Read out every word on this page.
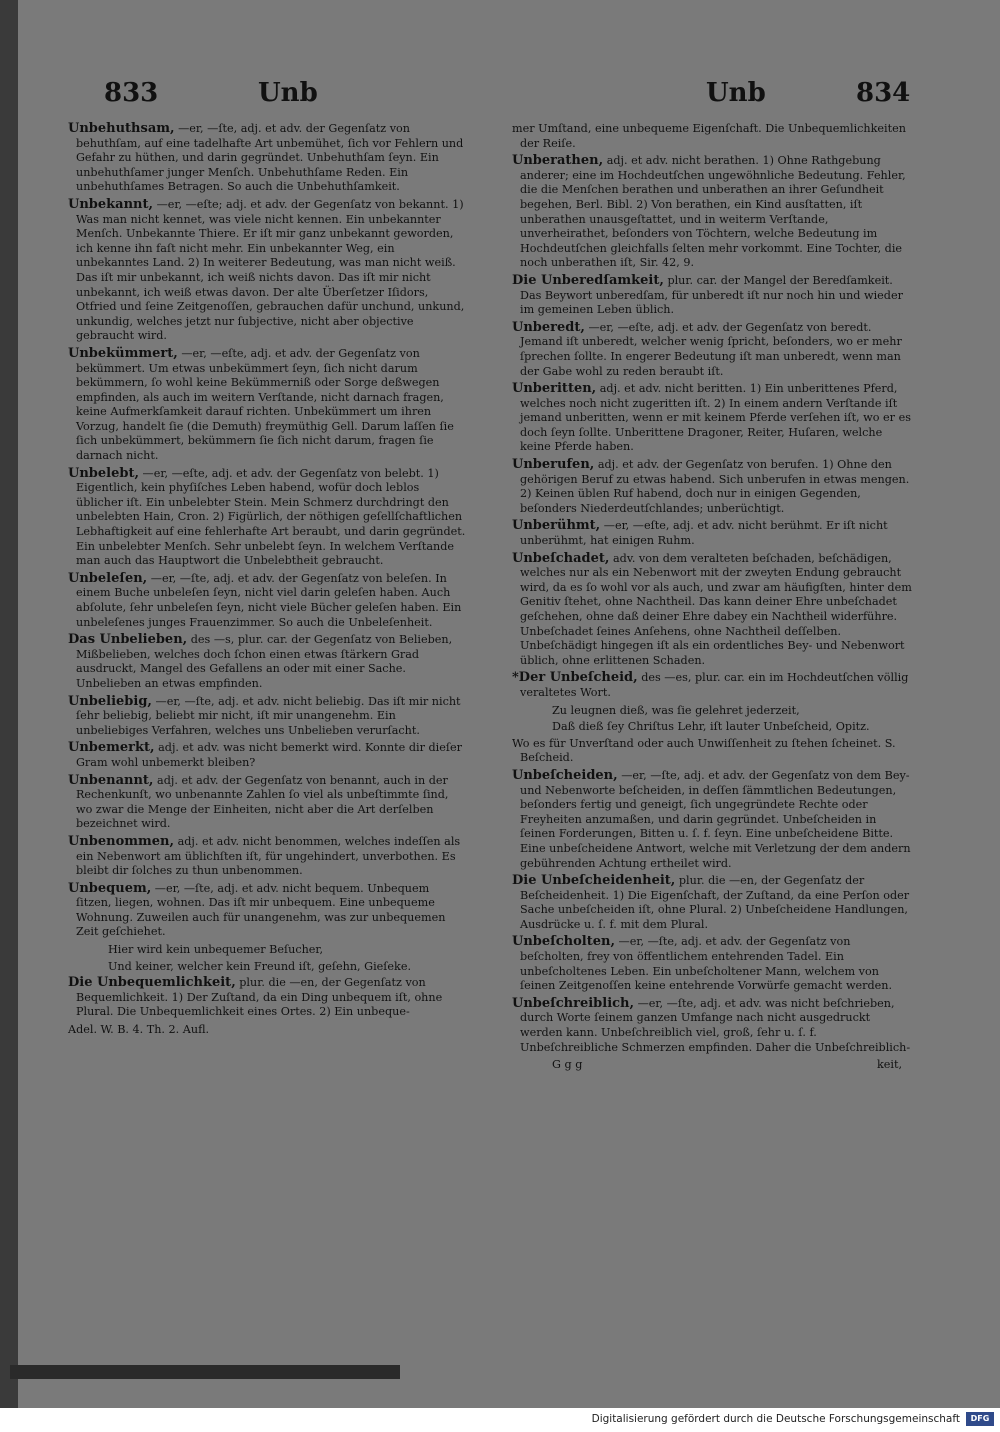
833	Unb	Unb	834
Unbehuthsam, —er, —ſte, adj. et adv. der Gegenſatz von behuthſam, auf eine tadelhafte Art unbemühet, ſich vor Fehlern und Gefahr zu hüthen, und darin gegründet. Unbehuthſam ſeyn. Ein unbehuthſamer junger Menſch. Unbehuthſame Reden. Ein unbehuthſames Betragen. So auch die Unbehuthſamkeit.
Unbekannt, —er, —eſte; adj. et adv. der Gegenſatz von bekannt. 1) Was man nicht kennet, was viele nicht kennen. Ein unbekannter Menſch. Unbekannte Thiere. Er iſt mir ganz unbekannt geworden, ich kenne ihn faſt nicht mehr. Ein unbekannter Weg, ein unbekanntes Land. 2) In weiterer Bedeutung, was man nicht weiß. Das iſt mir unbekannt, ich weiß nichts davon. Das iſt mir nicht unbekannt, ich weiß etwas davon. Der alte Überſetzer Iſidors, Otfried und ſeine Zeitgenoſſen, gebrauchen dafür unchund, unkund, unkundig, welches jetzt nur ſubjective, nicht aber objective gebraucht wird.
Unbekümmert, —er, —eſte, adj. et adv. der Gegenſatz von bekümmert. Um etwas unbekümmert ſeyn, ſich nicht darum bekümmern, ſo wohl keine Bekümmerniß oder Sorge deßwegen empfinden, als auch im weitern Verſtande, nicht darnach fragen, keine Aufmerkſamkeit darauf richten. Unbekümmert um ihren Vorzug, handelt ſie (die Demuth) freymüthig Gell. Darum laſſen ſie ſich unbekümmert, bekümmern ſie ſich nicht darum, fragen ſie darnach nicht.
Unbelebt, —er, —eſte, adj. et adv. der Gegenſatz von belebt. 1) Eigentlich, kein phyſiſches Leben habend, wofür doch leblos üblicher iſt. Ein unbelebter Stein. Mein Schmerz durchdringt den unbelebten Hain, Cron. 2) Figürlich, der nöthigen geſellſchaftlichen Lebhaftigkeit auf eine fehlerhafte Art beraubt, und darin gegründet. Ein unbelebter Menſch. Sehr unbelebt ſeyn. In welchem Verſtande man auch das Hauptwort die Unbelebtheit gebraucht.
Unbeleſen, —er, —ſte, adj. et adv. der Gegenſatz von beleſen. In einem Buche unbeleſen ſeyn, nicht viel darin geleſen haben. Auch abſolute, ſehr unbeleſen ſeyn, nicht viele Bücher geleſen haben. Ein unbeleſenes junges Frauenzimmer. So auch die Unbeleſenheit.
Das Unbelieben, des —s, plur. car. der Gegenſatz von Belieben, Mißbelieben, welches doch ſchon einen etwas ſtärkern Grad ausdruckt, Mangel des Gefallens an oder mit einer Sache. Unbelieben an etwas empfinden.
Unbeliebig, —er, —ſte, adj. et adv. nicht beliebig. Das iſt mir nicht ſehr beliebig, beliebt mir nicht, iſt mir unangenehm. Ein unbeliebiges Verfahren, welches uns Unbelieben verurſacht.
Unbemerkt, adj. et adv. was nicht bemerkt wird. Konnte dir dieſer Gram wohl unbemerkt bleiben?
Unbenannt, adj. et adv. der Gegenſatz von benannt, auch in der Rechenkunſt, wo unbenannte Zahlen ſo viel als unbeſtimmte ſind, wo zwar die Menge der Einheiten, nicht aber die Art derſelben bezeichnet wird.
Unbenommen, adj. et adv. nicht benommen, welches indeſſen als ein Nebenwort am üblichſten iſt, für ungehindert, unverbothen. Es bleibt dir ſolches zu thun unbenommen.
Unbequem, —er, —ſte, adj. et adv. nicht bequem. Unbequem ſitzen, liegen, wohnen. Das iſt mir unbequem. Eine unbequeme Wohnung. Zuweilen auch für unangenehm, was zur unbequemen Zeit geſchiehet.
Hier wird kein unbequemer Beſucher,
Und keiner, welcher kein Freund iſt, geſehn, Gieſeke.
Die Unbequemlichkeit, plur. die —en, der Gegenſatz von Bequemlichkeit. 1) Der Zuſtand, da ein Ding unbequem iſt, ohne Plural. Die Unbequemlichkeit eines Ortes. 2) Ein unbeque-
Adel. W. B. 4. Th. 2. Aufl.
mer Umſtand, eine unbequeme Eigenſchaft. Die Unbequemlichkeiten der Reiſe.
Unberathen, adj. et adv. nicht berathen. 1) Ohne Rathgebung anderer; eine im Hochdeutſchen ungewöhnliche Bedeutung. Fehler, die die Menſchen berathen und unberathen an ihrer Geſundheit begehen, Berl. Bibl. 2) Von berathen, ein Kind ausſtatten, iſt unberathen unausgeſtattet, und in weiterm Verſtande, unverheirathet, beſonders von Töchtern, welche Bedeutung im Hochdeutſchen gleichfalls ſelten mehr vorkommt. Eine Tochter, die noch unberathen iſt, Sir. 42, 9.
Die Unberedſamkeit, plur. car. der Mangel der Beredſamkeit. Das Beywort unberedſam, für unberedt iſt nur noch hin und wieder im gemeinen Leben üblich.
Unberedt, —er, —eſte, adj. et adv. der Gegenſatz von beredt. Jemand iſt unberedt, welcher wenig ſpricht, beſonders, wo er mehr ſprechen ſollte. In engerer Bedeutung iſt man unberedt, wenn man der Gabe wohl zu reden beraubt iſt.
Unberitten, adj. et adv. nicht beritten. 1) Ein unberittenes Pferd, welches noch nicht zugeritten iſt. 2) In einem andern Verſtande iſt jemand unberitten, wenn er mit keinem Pferde verſehen iſt, wo er es doch ſeyn ſollte. Unberittene Dragoner, Reiter, Huſaren, welche keine Pferde haben.
Unberufen, adj. et adv. der Gegenſatz von berufen. 1) Ohne den gehörigen Beruf zu etwas habend. Sich unberufen in etwas mengen. 2) Keinen üblen Ruf habend, doch nur in einigen Gegenden, beſonders Niederdeutſchlandes; unberüchtigt.
Unberühmt, —er, —eſte, adj. et adv. nicht berühmt. Er iſt nicht unberühmt, hat einigen Ruhm.
Unbeſchadet, adv. von dem veralteten beſchaden, beſchädigen, welches nur als ein Nebenwort mit der zweyten Endung gebraucht wird, da es ſo wohl vor als auch, und zwar am häufigſten, hinter dem Genitiv ſtehet, ohne Nachtheil. Das kann deiner Ehre unbeſchadet geſchehen, ohne daß deiner Ehre dabey ein Nachtheil widerführe. Unbeſchadet ſeines Anſehens, ohne Nachtheil deſſelben. Unbeſchädigt hingegen iſt als ein ordentliches Bey- und Nebenwort üblich, ohne erlittenen Schaden.
*Der Unbeſcheid, des —es, plur. car. ein im Hochdeutſchen völlig veraltetes Wort.
Zu leugnen dieß, was ſie gelehret jederzeit,
Daß dieß ſey Chriſtus Lehr, iſt lauter Unbeſcheid, Opitz.
Wo es für Unverſtand oder auch Unwiſſenheit zu ſtehen ſcheinet. S. Beſcheid.
Unbeſcheiden, —er, —ſte, adj. et adv. der Gegenſatz von dem Bey- und Nebenworte beſcheiden, in deſſen ſämmtlichen Bedeutungen, beſonders fertig und geneigt, ſich ungegründete Rechte oder Freyheiten anzumaßen, und darin gegründet. Unbeſcheiden in ſeinen Forderungen, Bitten u. ſ. f. ſeyn. Eine unbeſcheidene Bitte. Eine unbeſcheidene Antwort, welche mit Verletzung der dem andern gebührenden Achtung ertheilet wird.
Die Unbeſcheidenheit, plur. die —en, der Gegenſatz der Beſcheidenheit. 1) Die Eigenſchaft, der Zuſtand, da eine Perſon oder Sache unbeſcheiden iſt, ohne Plural. 2) Unbeſcheidene Handlungen, Ausdrücke u. ſ. f. mit dem Plural.
Unbeſcholten, —er, —ſte, adj. et adv. der Gegenſatz von beſcholten, frey von öffentlichem entehrenden Tadel. Ein unbeſcholtenes Leben. Ein unbeſcholtener Mann, welchem von ſeinen Zeitgenoſſen keine entehrende Vorwürfe gemacht werden.
Unbeſchreiblich, —er, —ſte, adj. et adv. was nicht beſchrieben, durch Worte ſeinem ganzen Umfange nach nicht ausgedruckt werden kann. Unbeſchreiblich viel, groß, ſehr u. ſ. f. Unbeſchreibliche Schmerzen empfinden. Daher die Unbeſchreiblich-
G g g	keit,
Digitalisierung gefördert durch die Deutsche Forschungsgemeinschaft	DFG
